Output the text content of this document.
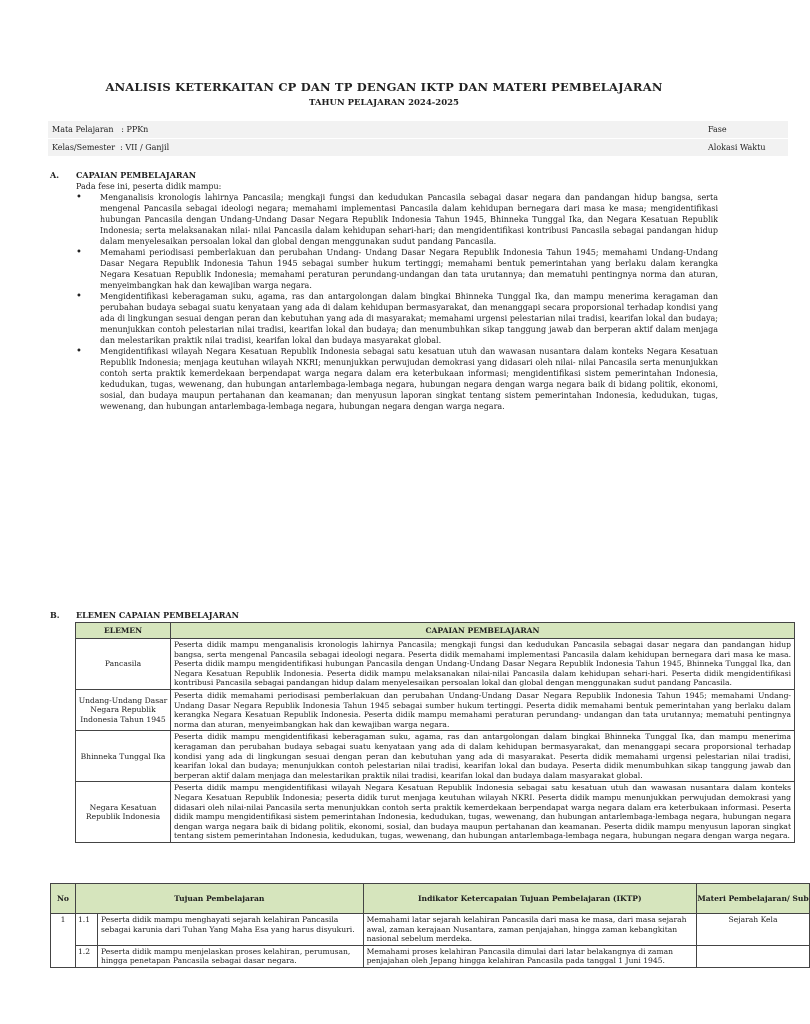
ANALISIS KETERKAITAN CP DAN TP DENGAN IKTP DAN MATERI PEMBELAJARAN
TAHUN PELAJARAN 2024-2025
Mata Pelajaran   : PPKn	Fase
Kelas/Semester  : VII / Ganjil	Alokasi Waktu
A. CAPAIAN PEMBELAJARAN
Pada fese ini, peserta didik mampu:
• Menganalisis kronologis lahirnya Pancasila; mengkaji fungsi dan kedudukan Pancasila sebagai dasar negara dan pandangan hidup bangsa, serta mengenal Pancasila sebagai ideologi negara; memahami implementasi Pancasila dalam kehidupan bernegara dari masa ke masa; mengidentifikasi hubungan Pancasila dengan Undang-Undang Dasar Negara Republik Indonesia Tahun 1945, Bhinneka Tunggal Ika, dan Negara Kesatuan Republik Indonesia; serta melaksanakan nilai- nilai Pancasila dalam kehidupan sehari-hari; dan mengidentifikasi kontribusi Pancasila sebagai pandangan hidup dalam menyelesaikan persoalan lokal dan global dengan menggunakan sudut pandang Pancasila.
• Memahami periodisasi pemberlakuan dan perubahan Undang- Undang Dasar Negara Republik Indonesia Tahun 1945; memahami Undang-Undang Dasar Negara Republik Indonesia Tahun 1945 sebagai sumber hukum tertinggi; memahami bentuk pemerintahan yang berlaku dalam kerangka Negara Kesatuan Republik Indonesia; memahami peraturan perundang-undangan dan tata urutannya; dan mematuhi pentingnya norma dan aturan, menyeimbangkan hak dan kewajiban warga negara.
• Mengidentifikasi keberagaman suku, agama, ras dan antargolongan dalam bingkai Bhinneka Tunggal Ika, dan mampu menerima keragaman dan perubahan budaya sebagai suatu kenyataan yang ada di dalam kehidupan bermasyarakat, dan menanggapi secara proporsional terhadap kondisi yang ada di lingkungan sesuai dengan peran dan kebutuhan yang ada di masyarakat; memahami urgensi pelestarian nilai tradisi, kearifan lokal dan budaya; menunjukkan contoh pelestarian nilai tradisi, kearifan lokal dan budaya; dan menumbuhkan sikap tanggung jawab dan berperan aktif dalam menjaga dan melestarikan praktik nilai tradisi, kearifan lokal dan budaya masyarakat global.
• Mengidentifikasi wilayah Negara Kesatuan Republik Indonesia sebagai satu kesatuan utuh dan wawasan nusantara dalam konteks Negara Kesatuan Republik Indonesia; menjaga keutuhan wilayah NKRI; menunjukkan perwujudan demokrasi yang didasari oleh nilai- nilai Pancasila serta menunjukkan contoh serta praktik kemerdekaan berpendapat warga negara dalam era keterbukaan informasi; mengidentifikasi sistem pemerintahan Indonesia, kedudukan, tugas, wewenang, dan hubungan antarlembaga-lembaga negara, hubungan negara dengan warga negara baik di bidang politik, ekonomi, sosial, dan budaya maupun pertahanan dan keamanan; dan menyusun laporan singkat tentang sistem pemerintahan Indonesia, kedudukan, tugas, wewenang, dan hubungan antarlembaga-lembaga negara, hubungan negara dengan warga negara.
B. ELEMEN CAPAIAN PEMBELAJARAN
ELEMEN	CAPAIAN PEMBELAJARAN
Pancasila	Peserta didik mampu menganalisis kronologis lahirnya Pancasila; mengkaji fungsi dan kedudukan Pancasila sebagai dasar negara dan pandangan hidup bangsa, serta mengenal Pancasila sebagai ideologi negara. Peserta didik memahami implementasi Pancasila dalam kehidupan bernegara dari masa ke masa. Peserta didik mampu mengidentifikasi hubungan Pancasila dengan Undang-Undang Dasar Negara Republik Indonesia Tahun 1945, Bhinneka Tunggal Ika, dan Negara Kesatuan Republik Indonesia. Peserta didik mampu melaksanakan nilai-nilai Pancasila dalam kehidupan sehari-hari. Peserta didik mengidentifikasi kontribusi Pancasila sebagai pandangan hidup dalam menyelesaikan persoalan lokal dan global dengan menggunakan sudut pandang Pancasila.
Undang-Undang Dasar Negara Republik Indonesia Tahun 1945	Peserta didik memahami periodisasi pemberlakuan dan perubahan Undang-Undang Dasar Negara Republik Indonesia Tahun 1945; memahami Undang-Undang Dasar Negara Republik Indonesia Tahun 1945 sebagai sumber hukum tertinggi. Peserta didik memahami bentuk pemerintahan yang berlaku dalam kerangka Negara Kesatuan Republik Indonesia. Peserta didik mampu memahami peraturan perundang- undangan dan tata urutannya; mematuhi pentingnya norma dan aturan, menyeimbangkan hak dan kewajiban warga negara.
Bhinneka Tunggal Ika	Peserta didik mampu mengidentifikasi keberagaman suku, agama, ras dan antargolongan dalam bingkai Bhinneka Tunggal Ika, dan mampu menerima keragaman dan perubahan budaya sebagai suatu kenyataan yang ada di dalam kehidupan bermasyarakat, dan menanggapi secara proporsional terhadap kondisi yang ada di lingkungan sesuai dengan peran dan kebutuhan yang ada di masyarakat. Peserta didik memahami urgensi pelestarian nilai tradisi, kearifan lokal dan budaya; menunjukkan contoh pelestarian nilai tradisi, kearifan lokal dan budaya. Peserta didik menumbuhkan sikap tanggung jawab dan berperan aktif dalam menjaga dan melestarikan praktik nilai tradisi, kearifan lokal dan budaya dalam masyarakat global.
Negara Kesatuan Republik Indonesia	Peserta didik mampu mengidentifikasi wilayah Negara Kesatuan Republik Indonesia sebagai satu kesatuan utuh dan wawasan nusantara dalam konteks Negara Kesatuan Republik Indonesia; peserta didik turut menjaga keutuhan wilayah NKRI. Peserta didik mampu menunjukkan perwujudan demokrasi yang didasari oleh nilai-nilai Pancasila serta menunjukkan contoh serta praktik kemerdekaan berpendapat warga negara dalam era keterbukaan informasi. Peserta didik mampu mengidentifikasi sistem pemerintahan Indonesia, kedudukan, tugas, wewenang, dan hubungan antarlembaga-lembaga negara, hubungan negara dengan warga negara baik di bidang politik, ekonomi, sosial, dan budaya maupun pertahanan dan keamanan. Peserta didik mampu menyusun laporan singkat tentang sistem pemerintahan Indonesia, kedudukan, tugas, wewenang, dan hubungan antarlembaga-lembaga negara, hubungan negara dengan warga negara.
No	Tujuan Pembelajaran		Indikator Ketercapaian Tujuan Pembelajaran (IKTP)	Materi Pembelajaran/ Sub
1	1.1	Peserta didik mampu menghayati sejarah kelahiran Pancasila sebagai karunia dari Tuhan Yang Maha Esa yang harus disyukuri.	Memahami latar sejarah kelahiran Pancasila dari masa ke masa, dari masa sejarah awal, zaman kerajaan Nusantara, zaman penjajahan, hingga zaman kebangkitan nasional sebelum merdeka.	Sejarah Kela
	1.2	Peserta didik mampu menjelaskan proses kelahiran, perumusan, hingga penetapan Pancasila sebagai dasar negara.	Memahami proses kelahiran Pancasila dimulai dari latar belakangnya di zaman penjajahan oleh Jepang hingga kelahiran Pancasila pada tanggal 1 Juni 1945.	
